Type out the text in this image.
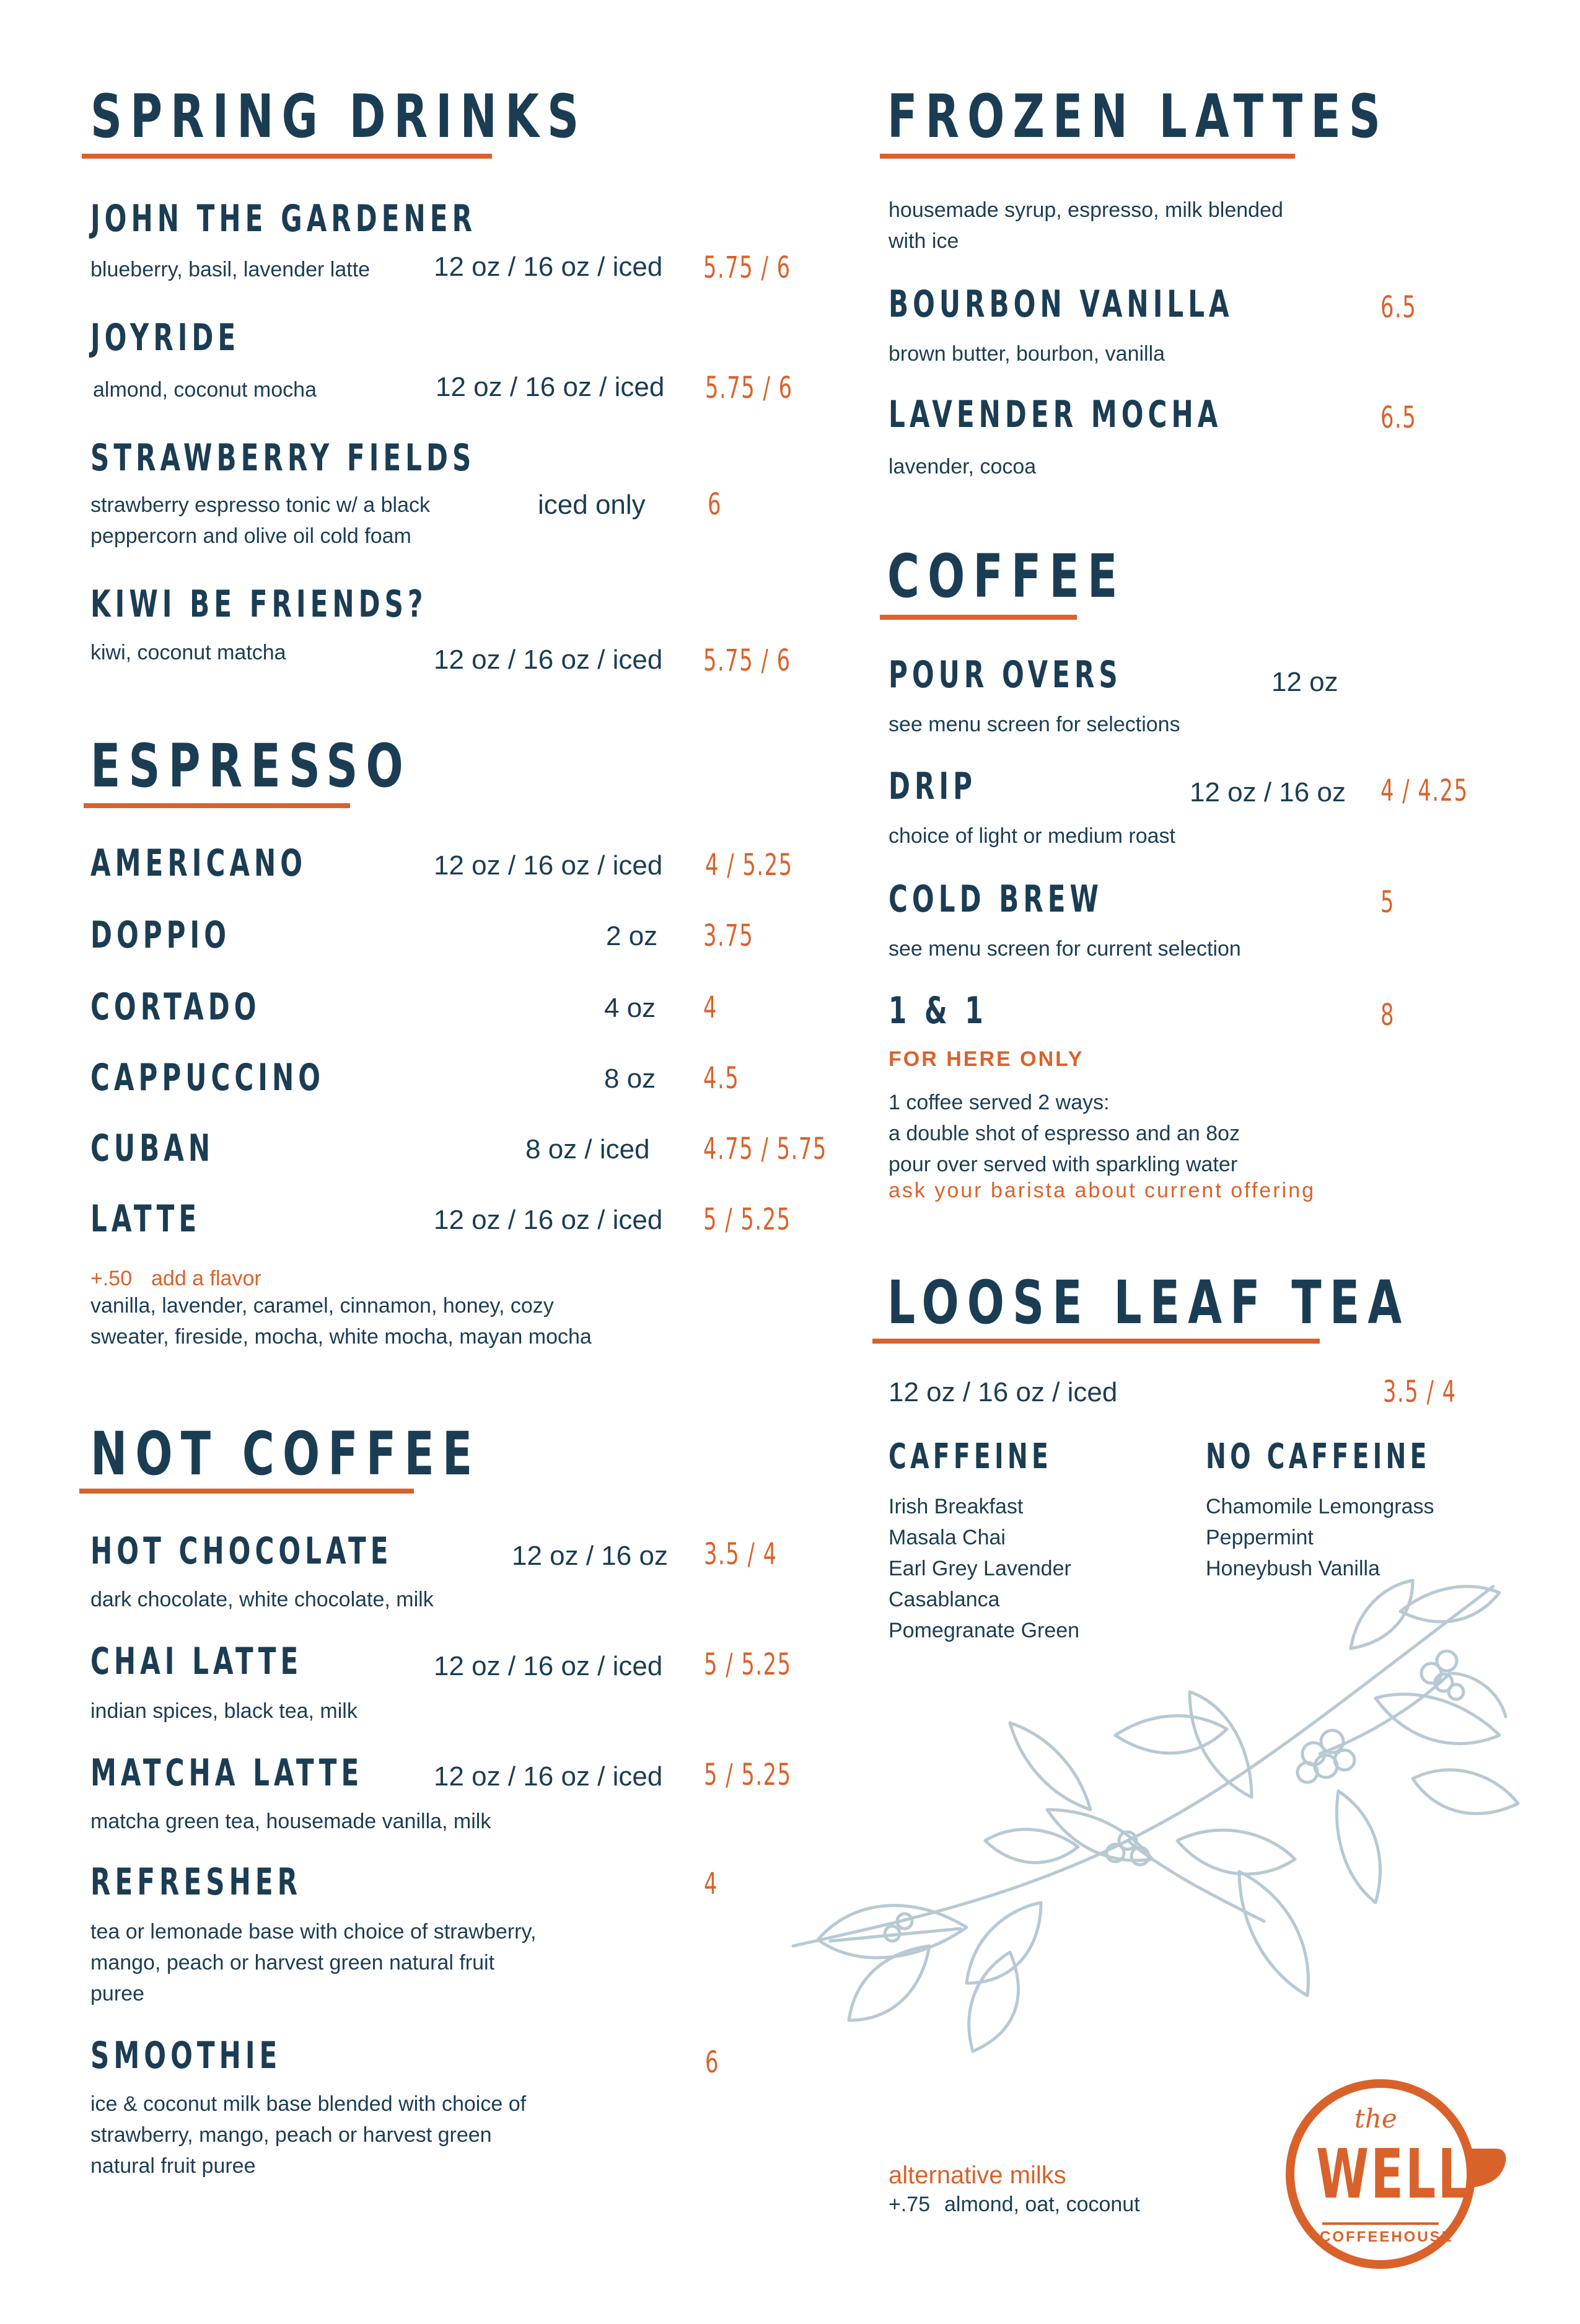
SPRING DRINKS
JOHN THE GARDENER
blueberry, basil, lavender latte 12 oz / 16 oz / iced 5.75 / 6
JOYRIDE
almond, coconut mocha	12 oz / 16 oz / iced 5.75 / 6
STRAWBERRY FIELDS
strawberry espresso tonic w/ a black
peppercorn and olive oil cold foam
iced only 6
KIWI BE FRIENDS?
kiwi, coconut matcha	12 oz / 16 oz / iced 5.75 / 6
ESPRESSO
AMERICANO	12 oz / 16 oz / iced 4 / 5.25
DOPPIO	2 oz 3.75
CORTADO	4 oz 4
CAPPUCCINO	8 oz 4.5
CUBAN	8 oz / iced 4.75 / 5.75
LATTE	12 oz / 16 oz / iced 5 / 5.25
+.50 add a flavor
vanilla, lavender, caramel, cinnamon, honey, cozy
sweater, fireside, mocha, white mocha, mayan mocha
NOT COFFEE
HOT CHOCOLATE	12 oz / 16 oz 3.5 / 4
dark chocolate, white chocolate, milk
CHAI LATTE	12 oz / 16 oz / iced 5 / 5.25
indian spices, black tea, milk
MATCHA LATTE	12 oz / 16 oz / iced 5 / 5.25
matcha green tea, housemade vanilla, milk
REFRESHER	4
tea or lemonade base with choice of strawberry,
mango, peach or harvest green natural fruit
puree
SMOOTHIE	6
ice & coconut milk base blended with choice of
strawberry, mango, peach or harvest green
natural fruit puree
FROZEN LATTES
housemade syrup, espresso, milk blended
with ice
BOURBON VANILLA	6.5
brown butter, bourbon, vanilla
LAVENDER MOCHA	6.5
lavender, cocoa
COFFEE
POUR OVERS	12 oz
see menu screen for selections
DRIP	12 oz / 16 oz 4 / 4.25
choice of light or medium roast
COLD BREW	5
see menu screen for current selection
1 & 1	8
FOR HERE ONLY
1 coffee served 2 ways:
a double shot of espresso and an 8oz
pour over served with sparkling water
ask your barista about current offering
LOOSE LEAF TEA
12 oz / 16 oz / iced	3.5 / 4
CAFFEINE
Irish Breakfast
Masala Chai
Earl Grey Lavender
Casablanca
Pomegranate Green
NO CAFFEINE
Chamomile Lemongrass
Peppermint
Honeybush Vanilla
alternative milks
+.75 almond, oat, coconut
the
WELL
COFFEEHOUSE
